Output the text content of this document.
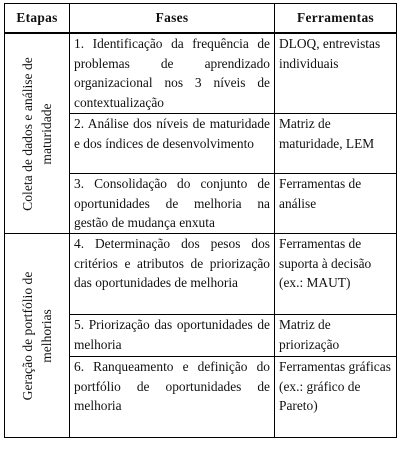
Etapas	Fases	Ferramentas

Coleta de dados e análise de maturidade	1. Identificação da frequência de problemas de aprendizado organizacional nos 3 níveis de contextualização	DLOQ, entrevistas individuais
	2. Análise dos níveis de maturidade e dos índices de desenvolvimento	Matriz de maturidade, LEM
	3. Consolidação do conjunto de oportunidades de melhoria na gestão de mudança enxuta	Ferramentas de análise

Geração de portfólio de melhorias	4. Determinação dos pesos dos critérios e atributos de priorização das oportunidades de melhoria	Ferramentas de suporta à decisão (ex.: MAUT)
	5. Priorização das oportunidades de melhoria	Matriz de priorização
	6. Ranqueamento e definição do portfólio de oportunidades de melhoria	Ferramentas gráficas (ex.: gráfico de Pareto)
